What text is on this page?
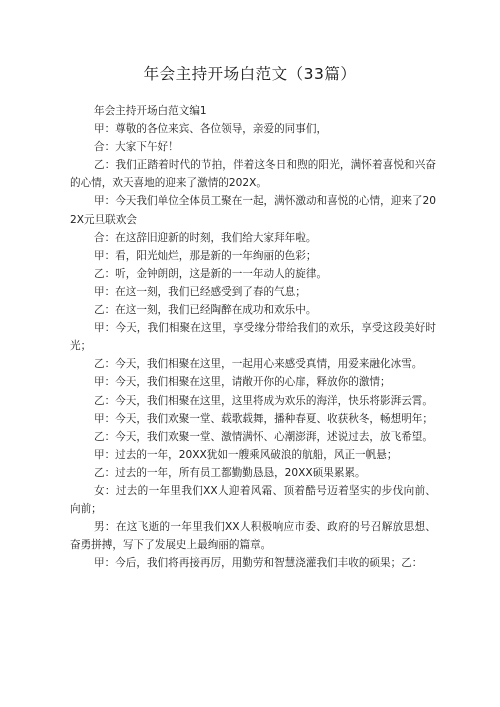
年会主持开场白范文（33篇）

年会主持开场白范文编1

甲：尊敬的各位来宾、各位领导，亲爱的同事们，

合：大家下午好！

乙：我们正踏着时代的节拍，伴着这冬日和煦的阳光，满怀着喜悦和兴奋的心情，欢天喜地的迎来了激情的202X。

甲：今天我们单位全体员工聚在一起，满怀激动和喜悦的心情，迎来了202X元旦联欢会

合：在这辞旧迎新的时刻，我们给大家拜年啦。

甲：看，阳光灿烂，那是新的一年绚丽的色彩；

乙：听，金钟朗朗，这是新的一一年动人的旋律。

甲：在这一刻，我们已经感受到了春的气息；

乙：在这一刻，我们已经陶醉在成功和欢乐中。

甲：今天，我们相聚在这里，享受缘分带给我们的欢乐，享受这段美好时光；

乙：今天，我们相聚在这里，一起用心来感受真情，用爱来融化冰雪。

甲：今天，我们相聚在这里，请敞开你的心扉，释放你的激情；

乙：今天，我们相聚在这里，这里将成为欢乐的海洋，快乐将影湃云霄。

甲：今天，我们欢聚一堂、载歌载舞，播种春夏、收获秋冬，畅想明年；

乙：今天，我们欢聚一堂、激情满怀、心潮澎湃，述说过去，放飞希望。

甲：过去的一年，20XX犹如一艘乘风破浪的航船，风正一帆悬；

乙：过去的一年，所有员工都勤勤恳恳，20XX硕果累累。

女：过去的一年里我们XX人迎着风霜、顶着酷号迈着坚实的步伐向前、向前；

男：在这飞逝的一年里我们XX人积极响应市委、政府的号召解放思想、奋勇拼搏，写下了发展史上最绚丽的篇章。

甲：今后，我们将再接再厉，用勤劳和智慧浇灌我们丰收的硕果；乙：
